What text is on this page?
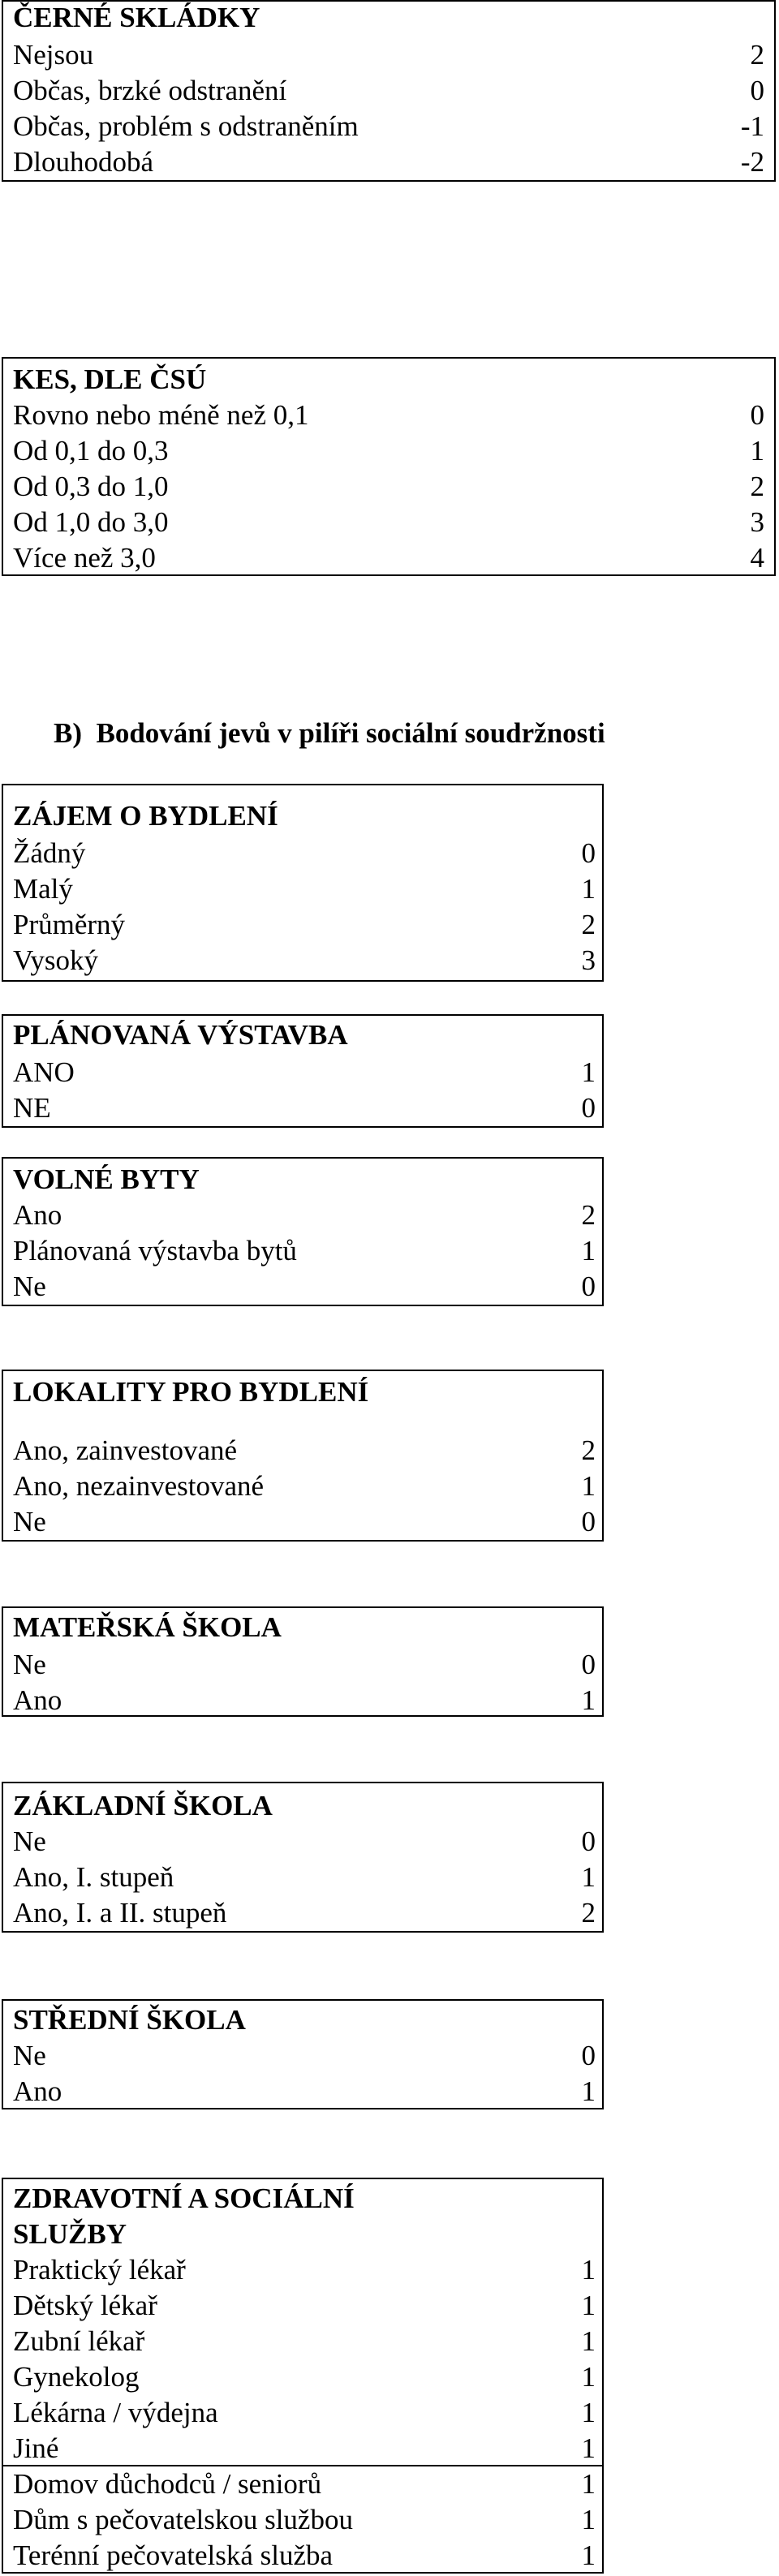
ČERNÉ SKLÁDKY
Nejsou	2
Občas, brzké odstranění	0
Občas, problém s odstraněním	-1
Dlouhodobá	-2
KES, DLE ČSÚ
Rovno nebo méně než 0,1	0
Od 0,1 do 0,3	1
Od 0,3 do 1,0	2
Od 1,0 do 3,0	3
Více než 3,0	4
B)  Bodování jevů v pilíři sociální soudržnosti
ZÁJEM O BYDLENÍ
Žádný	0
Malý	1
Průměrný	2
Vysoký	3
PLÁNOVANÁ VÝSTAVBA
ANO	1
NE	0
VOLNÉ BYTY
Ano	2
Plánovaná výstavba bytů	1
Ne	0
LOKALITY PRO BYDLENÍ
Ano, zainvestované	2
Ano, nezainvestované	1
Ne	0
MATEŘSKÁ ŠKOLA
Ne	0
Ano	1
ZÁKLADNÍ ŠKOLA
Ne	0
Ano, I. stupeň	1
Ano, I. a II. stupeň	2
STŘEDNÍ ŠKOLA
Ne	0
Ano	1
ZDRAVOTNÍ A SOCIÁLNÍ
SLUŽBY
Praktický lékař	1
Dětský lékař	1
Zubní lékař	1
Gynekolog	1
Lékárna / výdejna	1
Jiné	1
Domov důchodců / seniorů	1
Dům s pečovatelskou službou	1
Terénní pečovatelská služba	1
